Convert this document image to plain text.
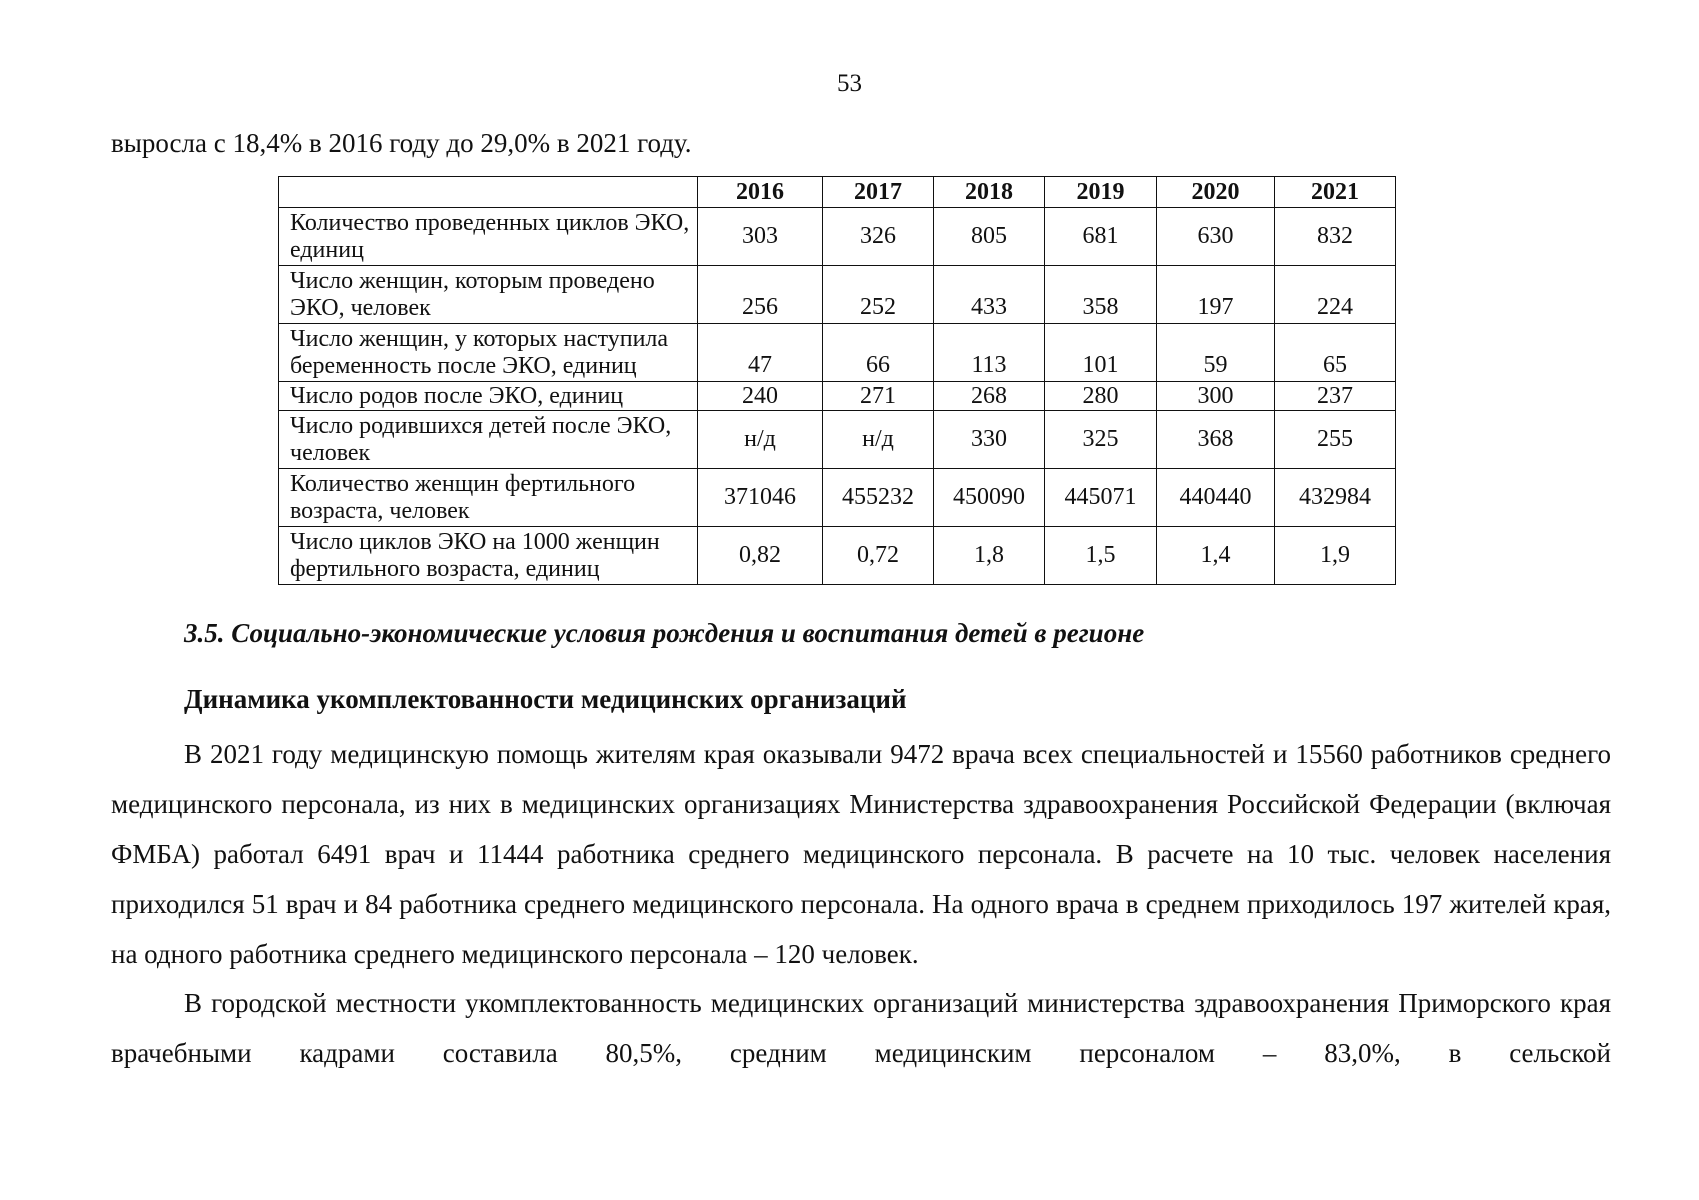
53
выросла с 18,4% в 2016 году до 29,0% в 2021 году.
	2016	2017	2018	2019	2020	2021
Количество проведенных циклов ЭКО, единиц	303	326	805	681	630	832
Число женщин, которым проведено ЭКО, человек	256	252	433	358	197	224
Число женщин, у которых наступила беременность после ЭКО, единиц	47	66	113	101	59	65
Число родов после ЭКО, единиц	240	271	268	280	300	237
Число родившихся детей после ЭКО, человек	н/д	н/д	330	325	368	255
Количество женщин фертильного возраста, человек	371046	455232	450090	445071	440440	432984
Число циклов ЭКО на 1000 женщин фертильного возраста, единиц	0,82	0,72	1,8	1,5	1,4	1,9
3.5. Социально-экономические условия рождения и воспитания детей в регионе
Динамика укомплектованности медицинских организаций
В 2021 году медицинскую помощь жителям края оказывали 9472 врача всех специальностей и 15560 работников среднего медицинского персонала, из них в медицинских организациях Министерства здравоохранения Российской Федерации (включая ФМБА) работал 6491 врач и 11444 работника среднего медицинского персонала. В расчете на 10 тыс. человек населения приходился 51 врач и 84 работника среднего медицинского персонала. На одного врача в среднем приходилось 197 жителей края, на одного работника среднего медицинского персонала – 120 человек.
В городской местности укомплектованность медицинских организаций министерства здравоохранения Приморского края врачебными кадрами составила 80,5%, средним медицинским персоналом – 83,0%, в сельской
